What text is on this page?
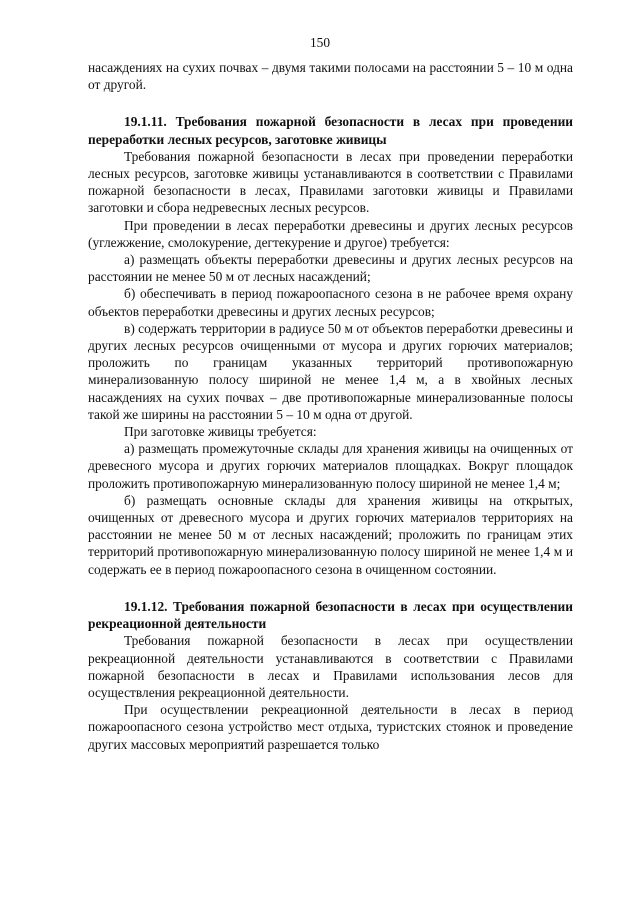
150

насаждениях на сухих почвах – двумя такими полосами на расстоянии 5 – 10 м одна от другой.

19.1.11. Требования пожарной безопасности в лесах при проведении переработки лесных ресурсов, заготовке живицы

Требования пожарной безопасности в лесах при проведении переработки лесных ресурсов, заготовке живицы устанавливаются в соответствии с Правилами пожарной безопасности в лесах, Правилами заготовки живицы и Правилами заготовки и сбора недревесных лесных ресурсов.

При проведении в лесах переработки древесины и других лесных ресурсов (углежжение, смолокурение, дегтекурение и другое) требуется:

а) размещать объекты переработки древесины и других лесных ресурсов на расстоянии не менее 50 м от лесных насаждений;

б) обеспечивать в период пожароопасного сезона в не рабочее время охрану объектов переработки древесины и других лесных ресурсов;

в) содержать территории в радиусе 50 м от объектов переработки древесины и других лесных ресурсов очищенными от мусора и других горючих материалов; проложить по границам указанных территорий противопожарную минерализованную полосу шириной не менее 1,4 м, а в хвойных лесных насаждениях на сухих почвах – две противопожарные минерализованные полосы такой же ширины на расстоянии 5 – 10 м одна от другой.

При заготовке живицы требуется:

а) размещать промежуточные склады для хранения живицы на очищенных от древесного мусора и других горючих материалов площадках. Вокруг площадок проложить противопожарную минерализованную полосу шириной не менее 1,4 м;

б) размещать основные склады для хранения живицы на открытых, очищенных от древесного мусора и других горючих материалов территориях на расстоянии не менее 50 м от лесных насаждений; проложить по границам этих территорий противопожарную минерализованную полосу шириной не менее 1,4 м и содержать ее в период пожароопасного сезона в очищенном состоянии.

19.1.12. Требования пожарной безопасности в лесах при осуществлении рекреационной деятельности

Требования пожарной безопасности в лесах при осуществлении рекреационной деятельности устанавливаются в соответствии с Правилами пожарной безопасности в лесах и Правилами использования лесов для осуществления рекреационной деятельности.

При осуществлении рекреационной деятельности в лесах в период пожароопасного сезона устройство мест отдыха, туристских стоянок и проведение других массовых мероприятий разрешается только
